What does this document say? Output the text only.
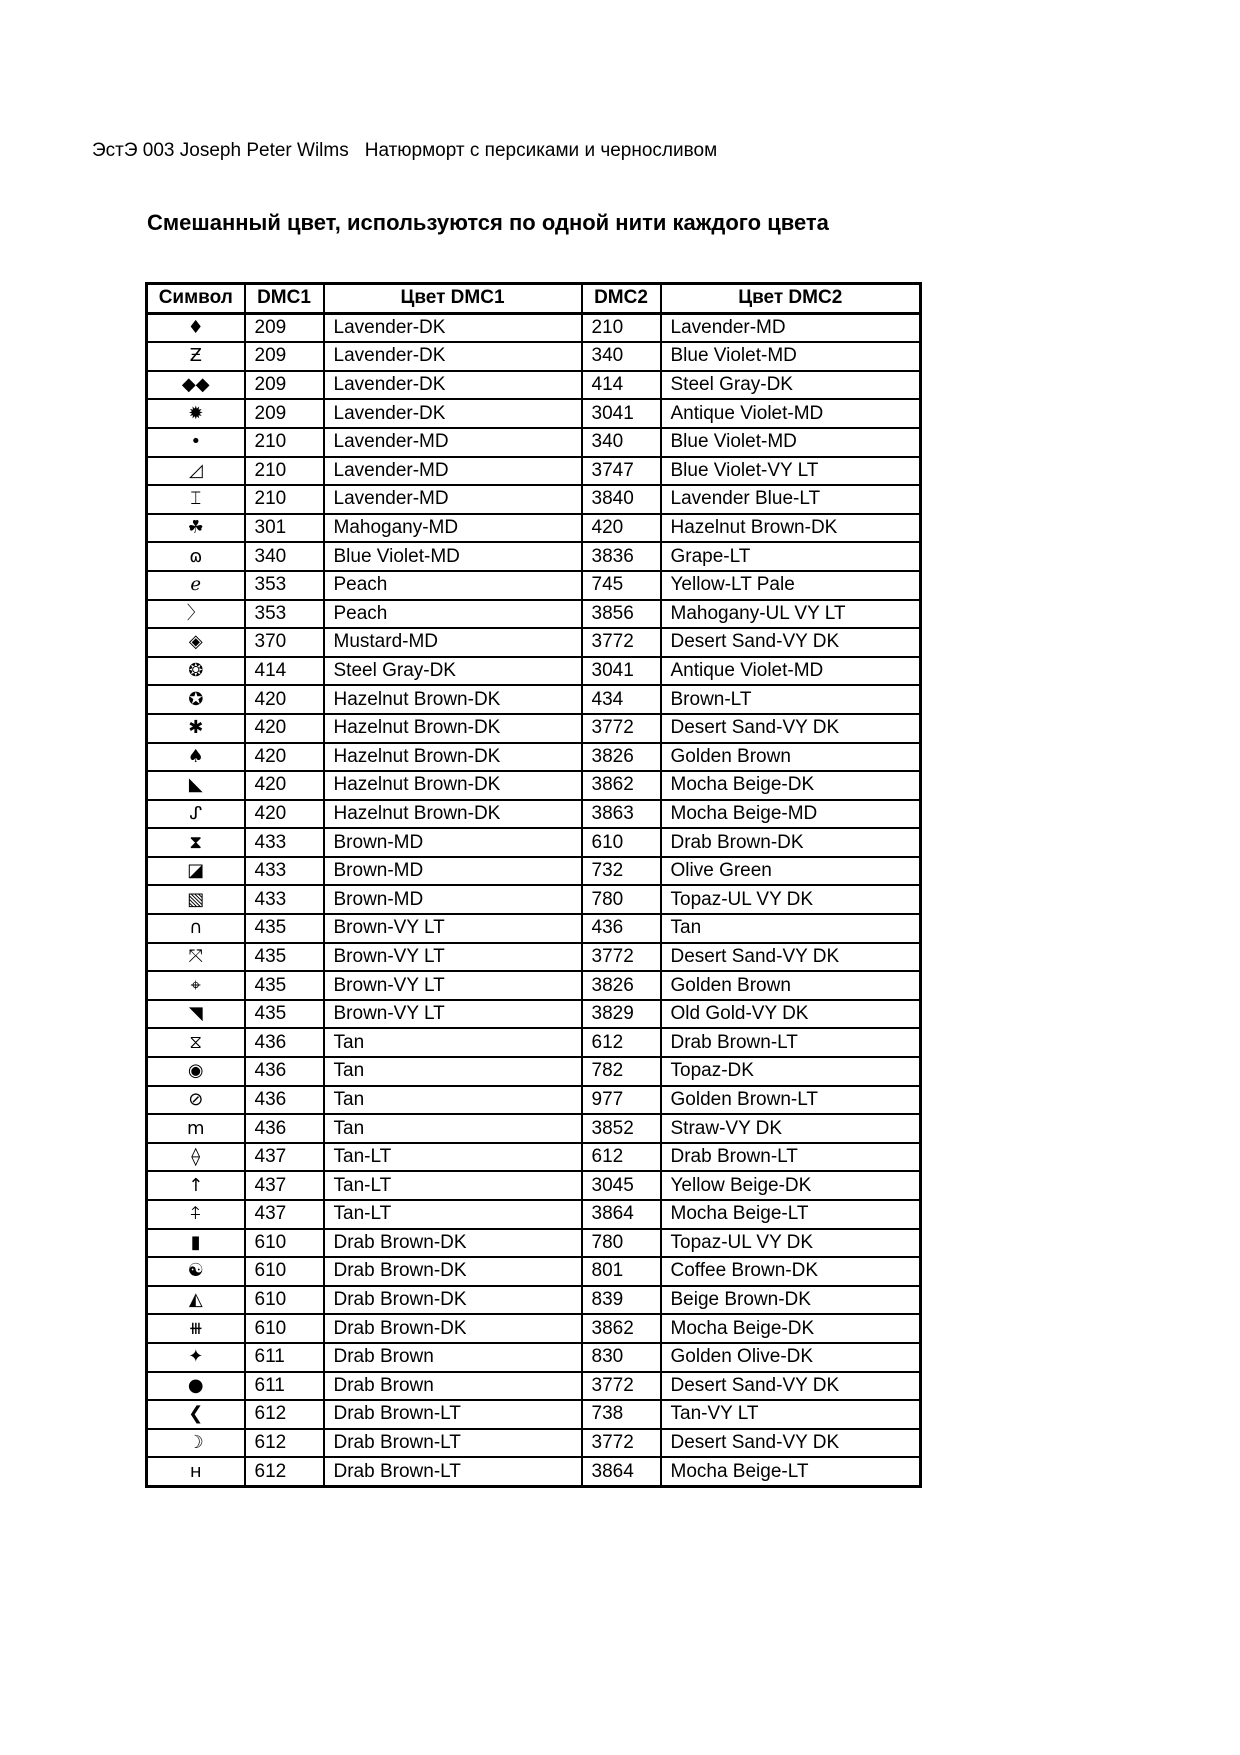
ЭстЭ 003 Joseph Peter Wilms Натюрморт с персиками и черносливом
Смешанный цвет, используются по одной нити каждого цвета
Символ	DMC1	Цвет DMC1	DMC2	Цвет DMC2
♦	209	Lavender-DK	210	Lavender-MD
Ƶ	209	Lavender-DK	340	Blue Violet-MD
◆◆	209	Lavender-DK	414	Steel Gray-DK
✹	209	Lavender-DK	3041	Antique Violet-MD
•	210	Lavender-MD	340	Blue Violet-MD
◿	210	Lavender-MD	3747	Blue Violet-VY LT
⌶	210	Lavender-MD	3840	Lavender Blue-LT
☘	301	Mahogany-MD	420	Hazelnut Brown-DK
ɷ	340	Blue Violet-MD	3836	Grape-LT
ℯ	353	Peach	745	Yellow-LT Pale
〉	353	Peach	3856	Mahogany-UL VY LT
◈	370	Mustard-MD	3772	Desert Sand-VY DK
❂	414	Steel Gray-DK	3041	Antique Violet-MD
✪	420	Hazelnut Brown-DK	434	Brown-LT
✱	420	Hazelnut Brown-DK	3772	Desert Sand-VY DK
♠	420	Hazelnut Brown-DK	3826	Golden Brown
◣	420	Hazelnut Brown-DK	3862	Mocha Beige-DK
ᔑ	420	Hazelnut Brown-DK	3863	Mocha Beige-MD
⧗	433	Brown-MD	610	Drab Brown-DK
◪	433	Brown-MD	732	Olive Green
▧	433	Brown-MD	780	Topaz-UL VY DK
∩	435	Brown-VY LT	436	Tan
⤧	435	Brown-VY LT	3772	Desert Sand-VY DK
⌖	435	Brown-VY LT	3826	Golden Brown
◥	435	Brown-VY LT	3829	Old Gold-VY DK
⧖	436	Tan	612	Drab Brown-LT
◉	436	Tan	782	Topaz-DK
⊘	436	Tan	977	Golden Brown-LT
m	436	Tan	3852	Straw-VY DK
⟠	437	Tan-LT	612	Drab Brown-LT
↑	437	Tan-LT	3045	Yellow Beige-DK
⍏	437	Tan-LT	3864	Mocha Beige-LT
▮	610	Drab Brown-DK	780	Topaz-UL VY DK
☯	610	Drab Brown-DK	801	Coffee Brown-DK
◭	610	Drab Brown-DK	839	Beige Brown-DK
⧻	610	Drab Brown-DK	3862	Mocha Beige-DK
✦	611	Drab Brown	830	Golden Olive-DK
●	611	Drab Brown	3772	Desert Sand-VY DK
❮	612	Drab Brown-LT	738	Tan-VY LT
☽	612	Drab Brown-LT	3772	Desert Sand-VY DK
н	612	Drab Brown-LT	3864	Mocha Beige-LT
